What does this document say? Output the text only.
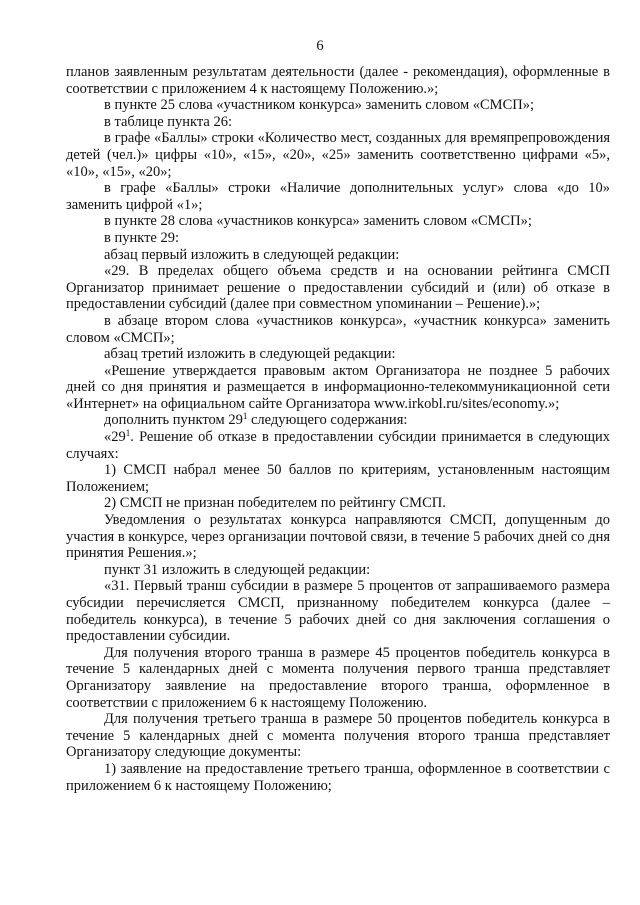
6

планов заявленным результатам деятельности (далее - рекомендация), оформленные в соответствии с приложением 4 к настоящему Положению.»;

в пункте 25 слова «участником конкурса» заменить словом «СМСП»;

в таблице пункта 26:

в графе «Баллы» строки «Количество мест, созданных для времяпрепровождения детей (чел.)» цифры «10», «15», «20», «25» заменить соответственно цифрами «5», «10», «15», «20»;

в графе «Баллы» строки «Наличие дополнительных услуг» слова «до 10» заменить цифрой «1»;

в пункте 28 слова «участников конкурса» заменить словом «СМСП»;

в пункте 29:

абзац первый изложить в следующей редакции:

«29. В пределах общего объема средств и на основании рейтинга СМСП Организатор принимает решение о предоставлении субсидий и (или) об отказе в предоставлении субсидий (далее при совместном упоминании – Решение).»;

в абзаце втором слова «участников конкурса», «участник конкурса» заменить словом «СМСП»;

абзац третий изложить в следующей редакции:

«Решение утверждается правовым актом Организатора не позднее 5 рабочих дней со дня принятия и размещается в информационно-телекоммуникационной сети «Интернет» на официальном сайте Организатора www.irkobl.ru/sites/economy.»;

дополнить пунктом $29^1$ следующего содержания:

«$29^1$. Решение об отказе в предоставлении субсидии принимается в следующих случаях:

1) СМСП набрал менее 50 баллов по критериям, установленным настоящим Положением;

2) СМСП не признан победителем по рейтингу СМСП.

Уведомления о результатах конкурса направляются СМСП, допущенным до участия в конкурсе, через организации почтовой связи, в течение 5 рабочих дней со дня принятия Решения.»;

пункт 31 изложить в следующей редакции:

«31. Первый транш субсидии в размере 5 процентов от запрашиваемого размера субсидии перечисляется СМСП, признанному победителем конкурса (далее – победитель конкурса), в течение 5 рабочих дней со дня заключения соглашения о предоставлении субсидии.

Для получения второго транша в размере 45 процентов победитель конкурса в течение 5 календарных дней с момента получения первого транша представляет Организатору заявление на предоставление второго транша, оформленное в соответствии с приложением 6 к настоящему Положению.

Для получения третьего транша в размере 50 процентов победитель конкурса в течение 5 календарных дней с момента получения второго транша представляет Организатору следующие документы:

1) заявление на предоставление третьего транша, оформленное в соответствии с приложением 6 к настоящему Положению;
